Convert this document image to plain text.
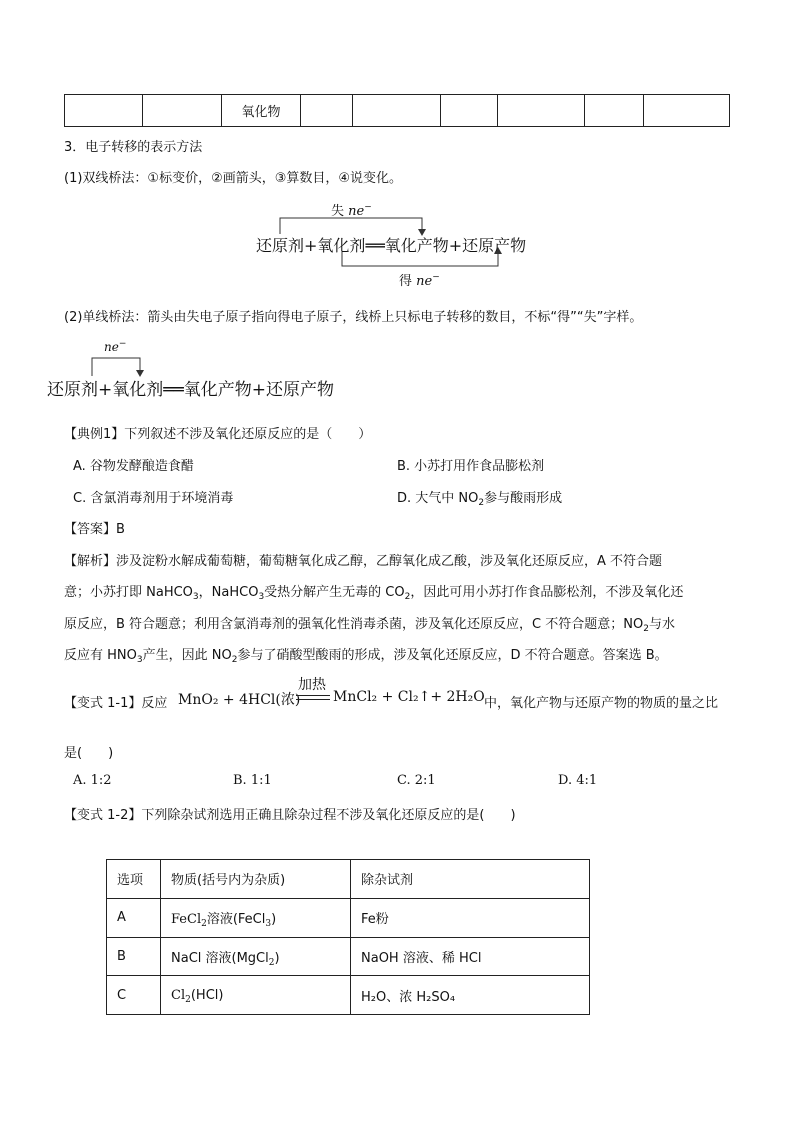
		氧化物						
3．电子转移的表示方法
(1)双线桥法：①标变价，②画箭头，③算数目，④说变化。
失 ne−
还原剂+氧化剂══氧化产物+还原产物
得 ne−
(2)单线桥法：箭头由失电子原子指向得电子原子，线桥上只标电子转移的数目，不标“得”“失”字样。
ne−
还原剂+氧化剂══氧化产物+还原产物
【典例1】下列叙述不涉及氧化还原反应的是（　　）
A. 谷物发酵酿造食醋	B. 小苏打用作食品膨松剂
C. 含氯消毒剂用于环境消毒	D. 大气中 $NO_2$参与酸雨形成
【答案】B
【解析】涉及淀粉水解成葡萄糖，葡萄糖氧化成乙醇，乙醇氧化成乙酸，涉及氧化还原反应，A 不符合题
意；小苏打即 NaHCO$_3$，NaHCO$_3$受热分解产生无毒的 $CO_2$，因此可用小苏打作食品膨松剂，不涉及氧化还
原反应，B 符合题意；利用含氯消毒剂的强氧化性消毒杀菌，涉及氧化还原反应，C 不符合题意；$NO_2$与水
反应有 $HNO_3$产生，因此 $NO_2$参与了硝酸型酸雨的形成，涉及氧化还原反应，D 不符合题意。答案选 B。
【变式 1-1】反应 MnO₂ + 4HCl(浓)
加热
MnCl₂ + Cl₂↑+ 2H₂O 中，氧化产物与还原产物的物质的量之比
是(　　)
A. 1:2	B. 1:1	C. 2:1	D. 4:1
【变式 1-2】下列除杂试剂选用正确且除杂过程不涉及氧化还原反应的是(　　)
选项	物质(括号内为杂质)	除杂试剂
A	FeCl$_2$溶液(FeCl$_3$)	Fe粉
B	NaCl 溶液(MgCl$_2$)	NaOH 溶液、稀 HCl
C	$Cl_2(HCl)$	H₂O、浓 H₂SO₄
